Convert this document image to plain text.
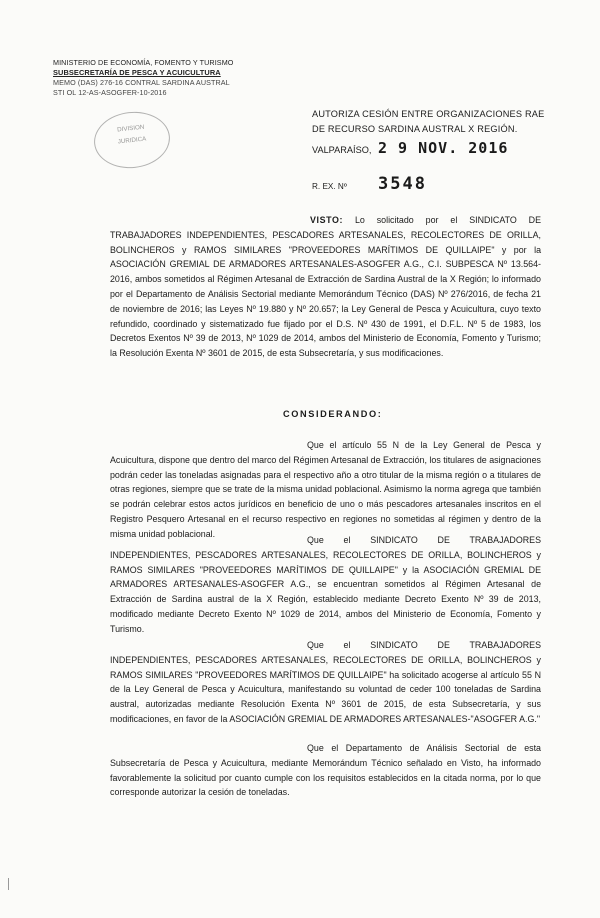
MINISTERIO DE ECONOMÍA, FOMENTO Y TURISMO
SUBSECRETARÍA DE PESCA Y ACUICULTURA
MEMO (DAS) 276-16 CONTRAL SARDINA AUSTRAL
STI OL 12-AS-ASOGFER-10-2016
DIVISION
JURIDICA
AUTORIZA CESIÓN ENTRE ORGANIZACIONES RAE DE RECURSO SARDINA AUSTRAL X REGIÓN.
VALPARAÍSO, 2 9 NOV. 2016
R. EX. Nº 3548
VISTO: Lo solicitado por el SINDICATO DE TRABAJADORES INDEPENDIENTES, PESCADORES ARTESANALES, RECOLECTORES DE ORILLA, BOLINCHEROS y RAMOS SIMILARES "PROVEEDORES MARÍTIMOS DE QUILLAIPE" y por la ASOCIACIÓN GREMIAL DE ARMADORES ARTESANALES-ASOGFER A.G., C.I. SUBPESCA Nº 13.564-2016, ambos sometidos al Régimen Artesanal de Extracción de Sardina Austral de la X Región; lo informado por el Departamento de Análisis Sectorial mediante Memorándum Técnico (DAS) Nº 276/2016, de fecha 21 de noviembre de 2016; las Leyes Nº 19.880 y Nº 20.657; la Ley General de Pesca y Acuicultura, cuyo texto refundido, coordinado y sistematizado fue fijado por el D.S. Nº 430 de 1991, el D.F.L. Nº 5 de 1983, los Decretos Exentos Nº 39 de 2013, Nº 1029 de 2014, ambos del Ministerio de Economía, Fomento y Turismo; la Resolución Exenta Nº 3601 de 2015, de esta Subsecretaría, y sus modificaciones.
CONSIDERANDO:
Que el artículo 55 N de la Ley General de Pesca y Acuicultura, dispone que dentro del marco del Régimen Artesanal de Extracción, los titulares de asignaciones podrán ceder las toneladas asignadas para el respectivo año a otro titular de la misma región o a titulares de otras regiones, siempre que se trate de la misma unidad poblacional. Asimismo la norma agrega que también se podrán celebrar estos actos jurídicos en beneficio de uno o más pescadores artesanales inscritos en el Registro Pesquero Artesanal en el recurso respectivo en regiones no sometidas al régimen y dentro de la misma unidad poblacional.
Que el SINDICATO DE TRABAJADORES INDEPENDIENTES, PESCADORES ARTESANALES, RECOLECTORES DE ORILLA, BOLINCHEROS y RAMOS SIMILARES "PROVEEDORES MARÍTIMOS DE QUILLAIPE" y la ASOCIACIÓN GREMIAL DE ARMADORES ARTESANALES-ASOGFER A.G., se encuentran sometidos al Régimen Artesanal de Extracción de Sardina austral de la X Región, establecido mediante Decreto Exento Nº 39 de 2013, modificado mediante Decreto Exento Nº 1029 de 2014, ambos del Ministerio de Economía, Fomento y Turismo.
Que el SINDICATO DE TRABAJADORES INDEPENDIENTES, PESCADORES ARTESANALES, RECOLECTORES DE ORILLA, BOLINCHEROS y RAMOS SIMILARES "PROVEEDORES MARÍTIMOS DE QUILLAIPE" ha solicitado acogerse al artículo 55 N de la Ley General de Pesca y Acuicultura, manifestando su voluntad de ceder 100 toneladas de Sardina austral, autorizadas mediante Resolución Exenta Nº 3601 de 2015, de esta Subsecretaría, y sus modificaciones, en favor de la ASOCIACIÓN GREMIAL DE ARMADORES ARTESANALES-"ASOGFER A.G."
Que el Departamento de Análisis Sectorial de esta Subsecretaría de Pesca y Acuicultura, mediante Memorándum Técnico señalado en Visto, ha informado favorablemente la solicitud por cuanto cumple con los requisitos establecidos en la citada norma, por lo que corresponde autorizar la cesión de toneladas.
